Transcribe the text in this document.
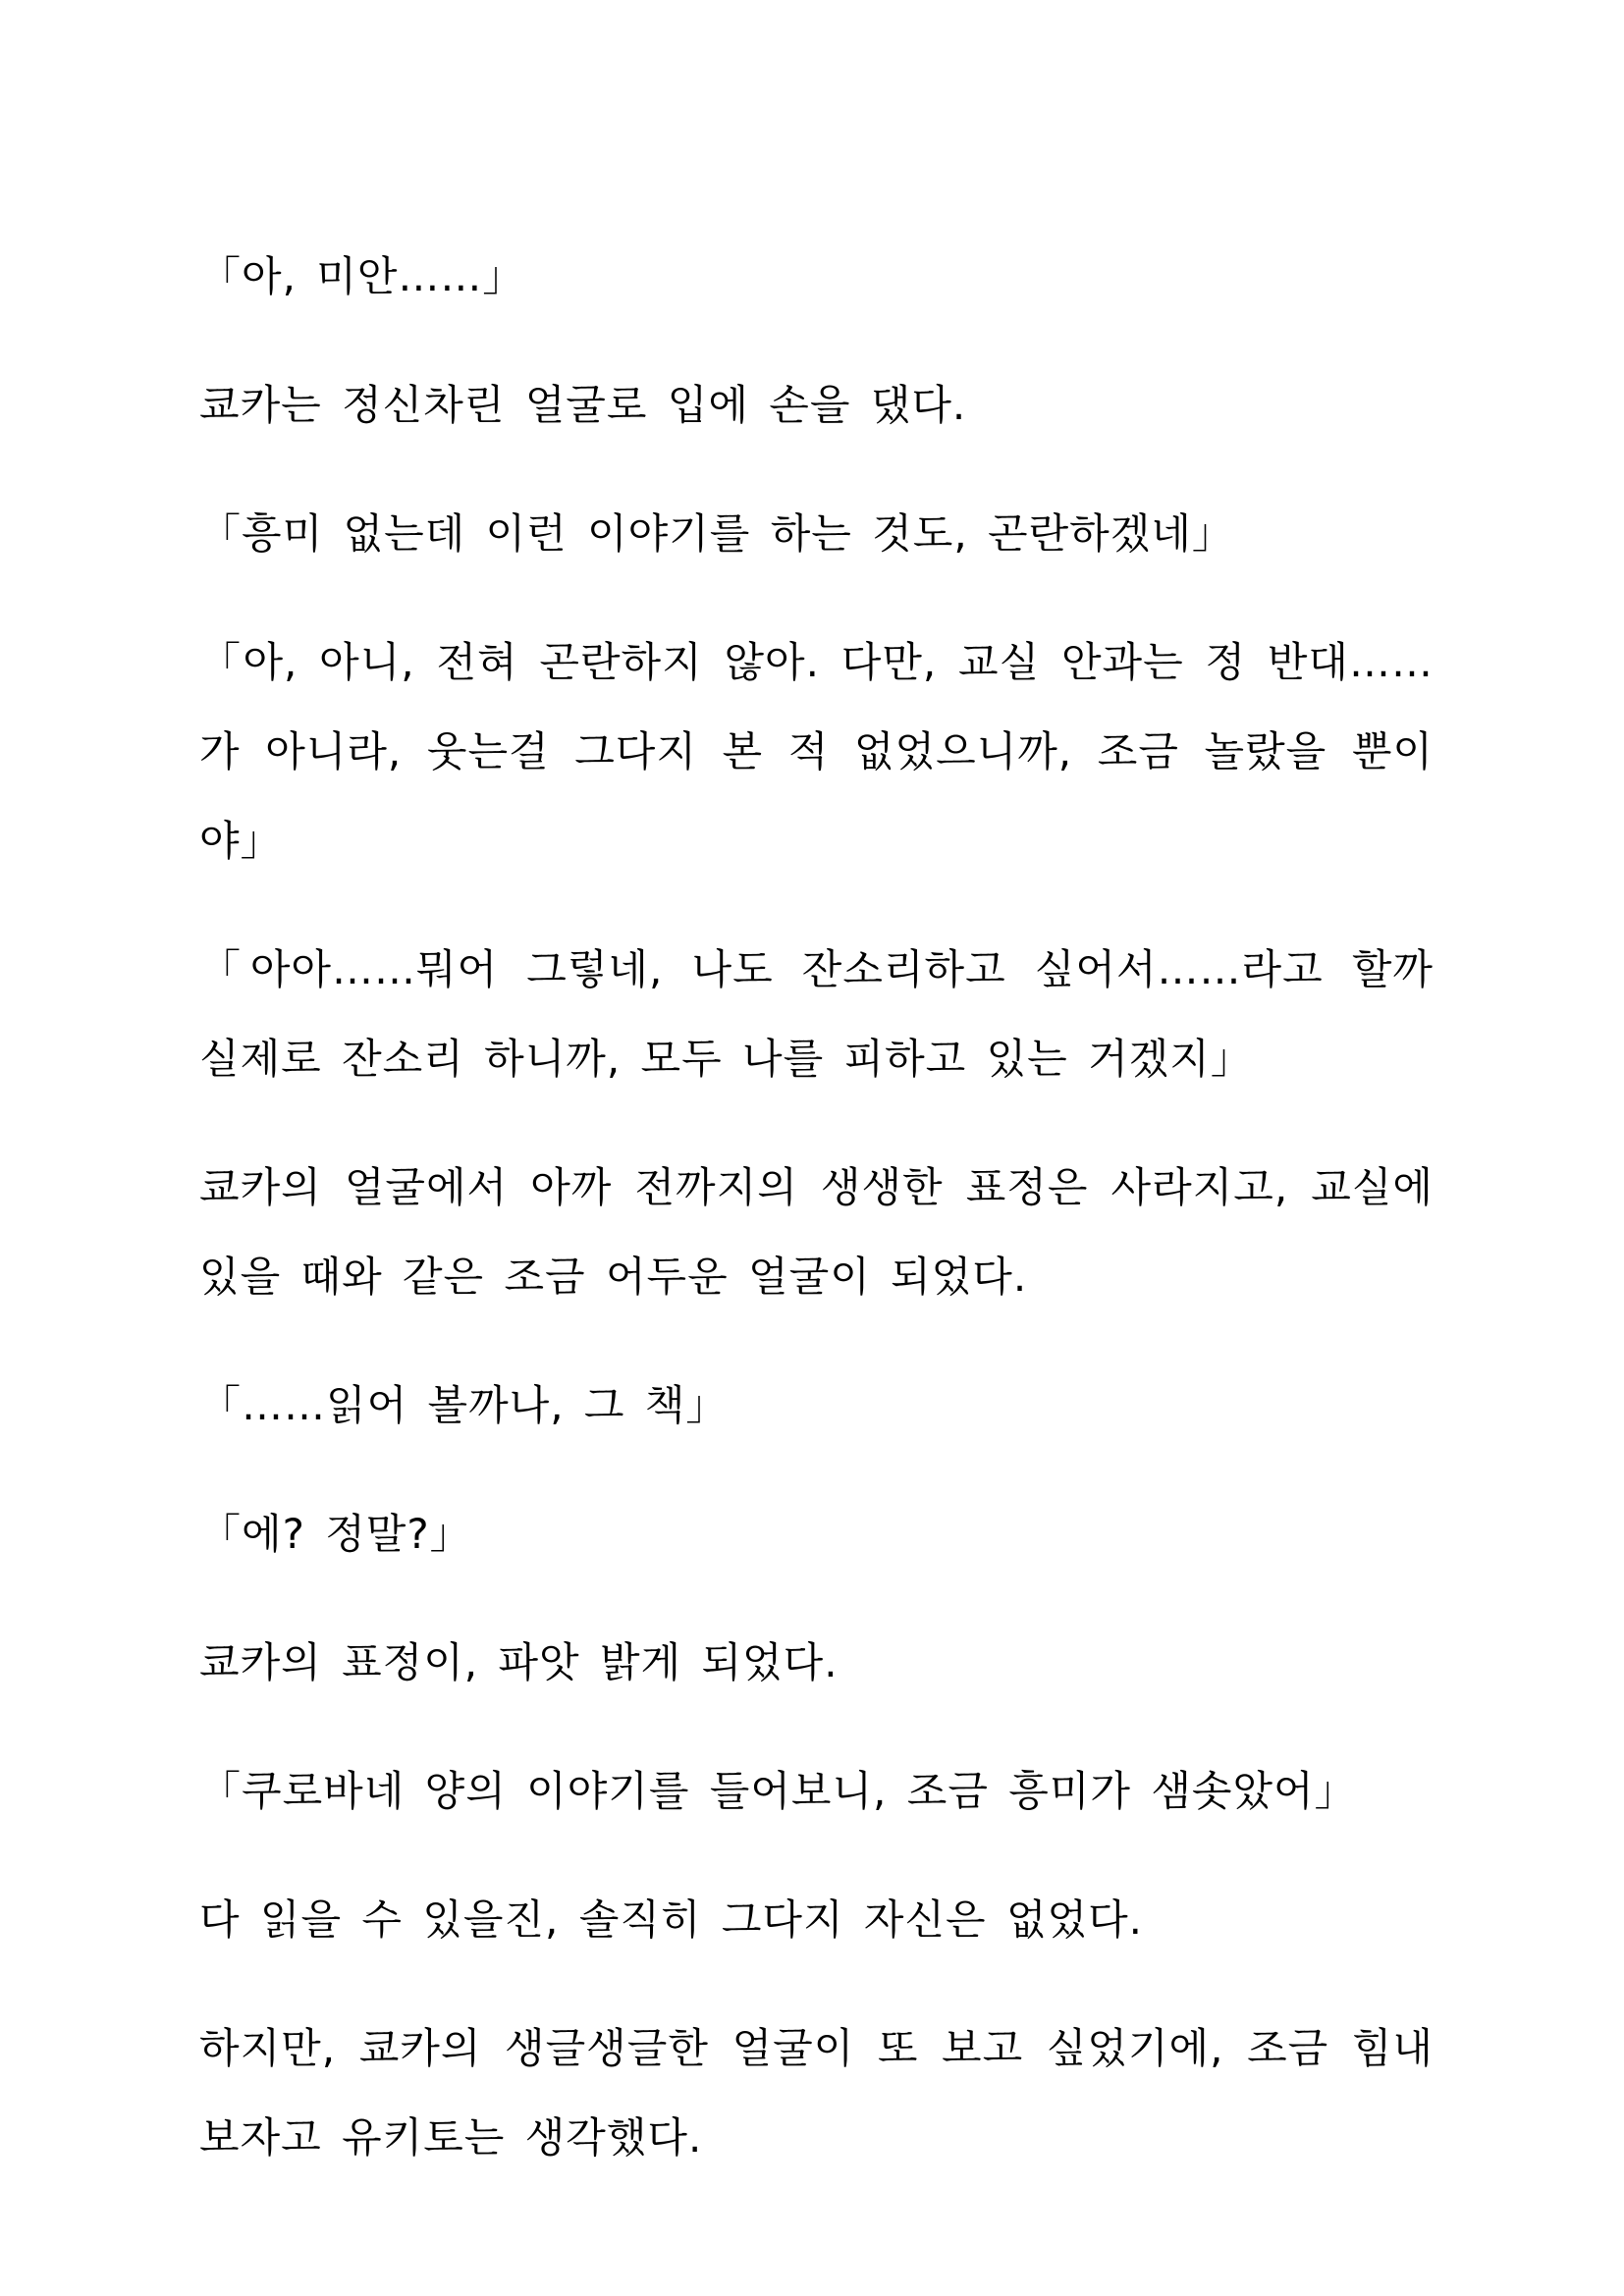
「아, 미안……」

쿄카는 정신차린 얼굴로 입에 손을 댔다.

「흥미 없는데 이런 이야기를 하는 것도, 곤란하겠네」

「아, 아니, 전혀 곤란하지 않아. 다만, 교실 안과는 정 반대……가 아니라, 웃는걸 그다지 본 적 없었으니까, 조금 놀랐을 뿐이야」

「아아……뭐어 그렇네, 나도 잔소리하고 싶어서……라고 할까 실제로 잔소리 하니까, 모두 나를 피하고 있는 거겠지」

쿄카의 얼굴에서 아까 전까지의 생생한 표정은 사라지고, 교실에 있을 때와 같은 조금 어두운 얼굴이 되었다.

「……읽어 볼까나, 그 책」

「에? 정말?」

쿄카의 표정이, 파앗 밝게 되었다.

「쿠로바네 양의 이야기를 들어보니, 조금 흥미가 샘솟았어」

다 읽을 수 있을진, 솔직히 그다지 자신은 없었다.

하지만, 쿄카의 생글생글한 얼굴이 또 보고 싶었기에, 조금 힘내보자고 유키토는 생각했다.
